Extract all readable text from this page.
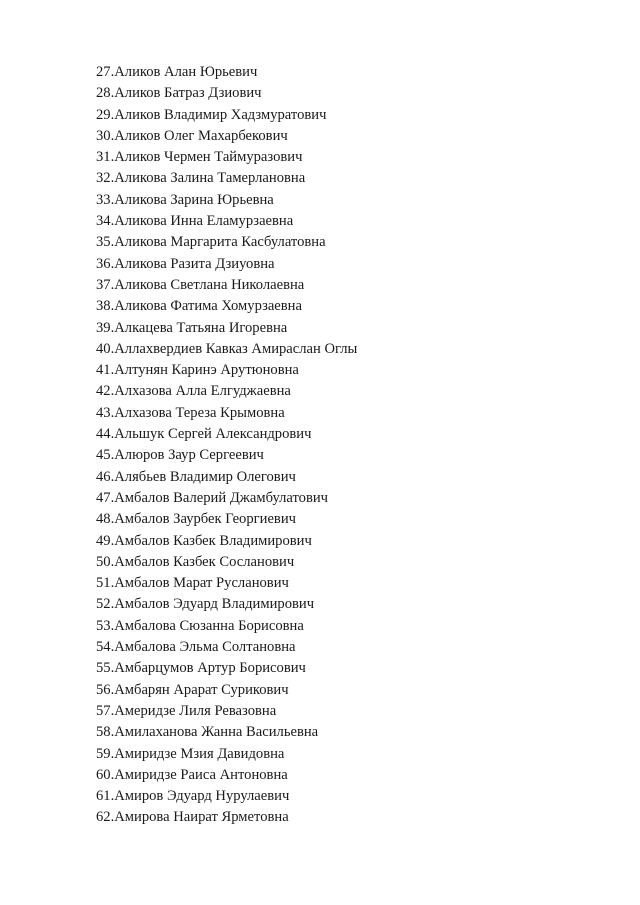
27.Аликов Алан Юрьевич
28.Аликов Батраз Дзиович
29.Аликов Владимир Хадзмуратович
30.Аликов Олег Махарбекович
31.Аликов Чермен Таймуразович
32.Аликова Залина Тамерлановна
33.Аликова Зарина Юрьевна
34.Аликова Инна Еламурзаевна
35.Аликова Маргарита Касбулатовна
36.Аликова Разита Дзиуовна
37.Аликова Светлана Николаевна
38.Аликова Фатима Хомурзаевна
39.Алкацева Татьяна Игоревна
40.Аллахвердиев Кавказ Амираслан Оглы
41.Алтунян Каринэ Арутюновна
42.Алхазова Алла Елгуджаевна
43.Алхазова Тереза Крымовна
44.Альшук Сергей Александрович
45.Алюров Заур Сергеевич
46.Алябьев Владимир Олегович
47.Амбалов Валерий Джамбулатович
48.Амбалов Заурбек Георгиевич
49.Амбалов Казбек Владимирович
50.Амбалов Казбек Сосланович
51.Амбалов Марат Русланович
52.Амбалов Эдуард Владимирович
53.Амбалова Сюзанна Борисовна
54.Амбалова Эльма Солтановна
55.Амбарцумов Артур Борисович
56.Амбарян Арарат Сурикович
57.Америдзе Лиля Ревазовна
58.Амилаханова Жанна Васильевна
59.Амиридзе Мзия Давидовна
60.Амиридзе Раиса Антоновна
61.Амиров Эдуард Нурулаевич
62.Амирова Наират Ярметовна
